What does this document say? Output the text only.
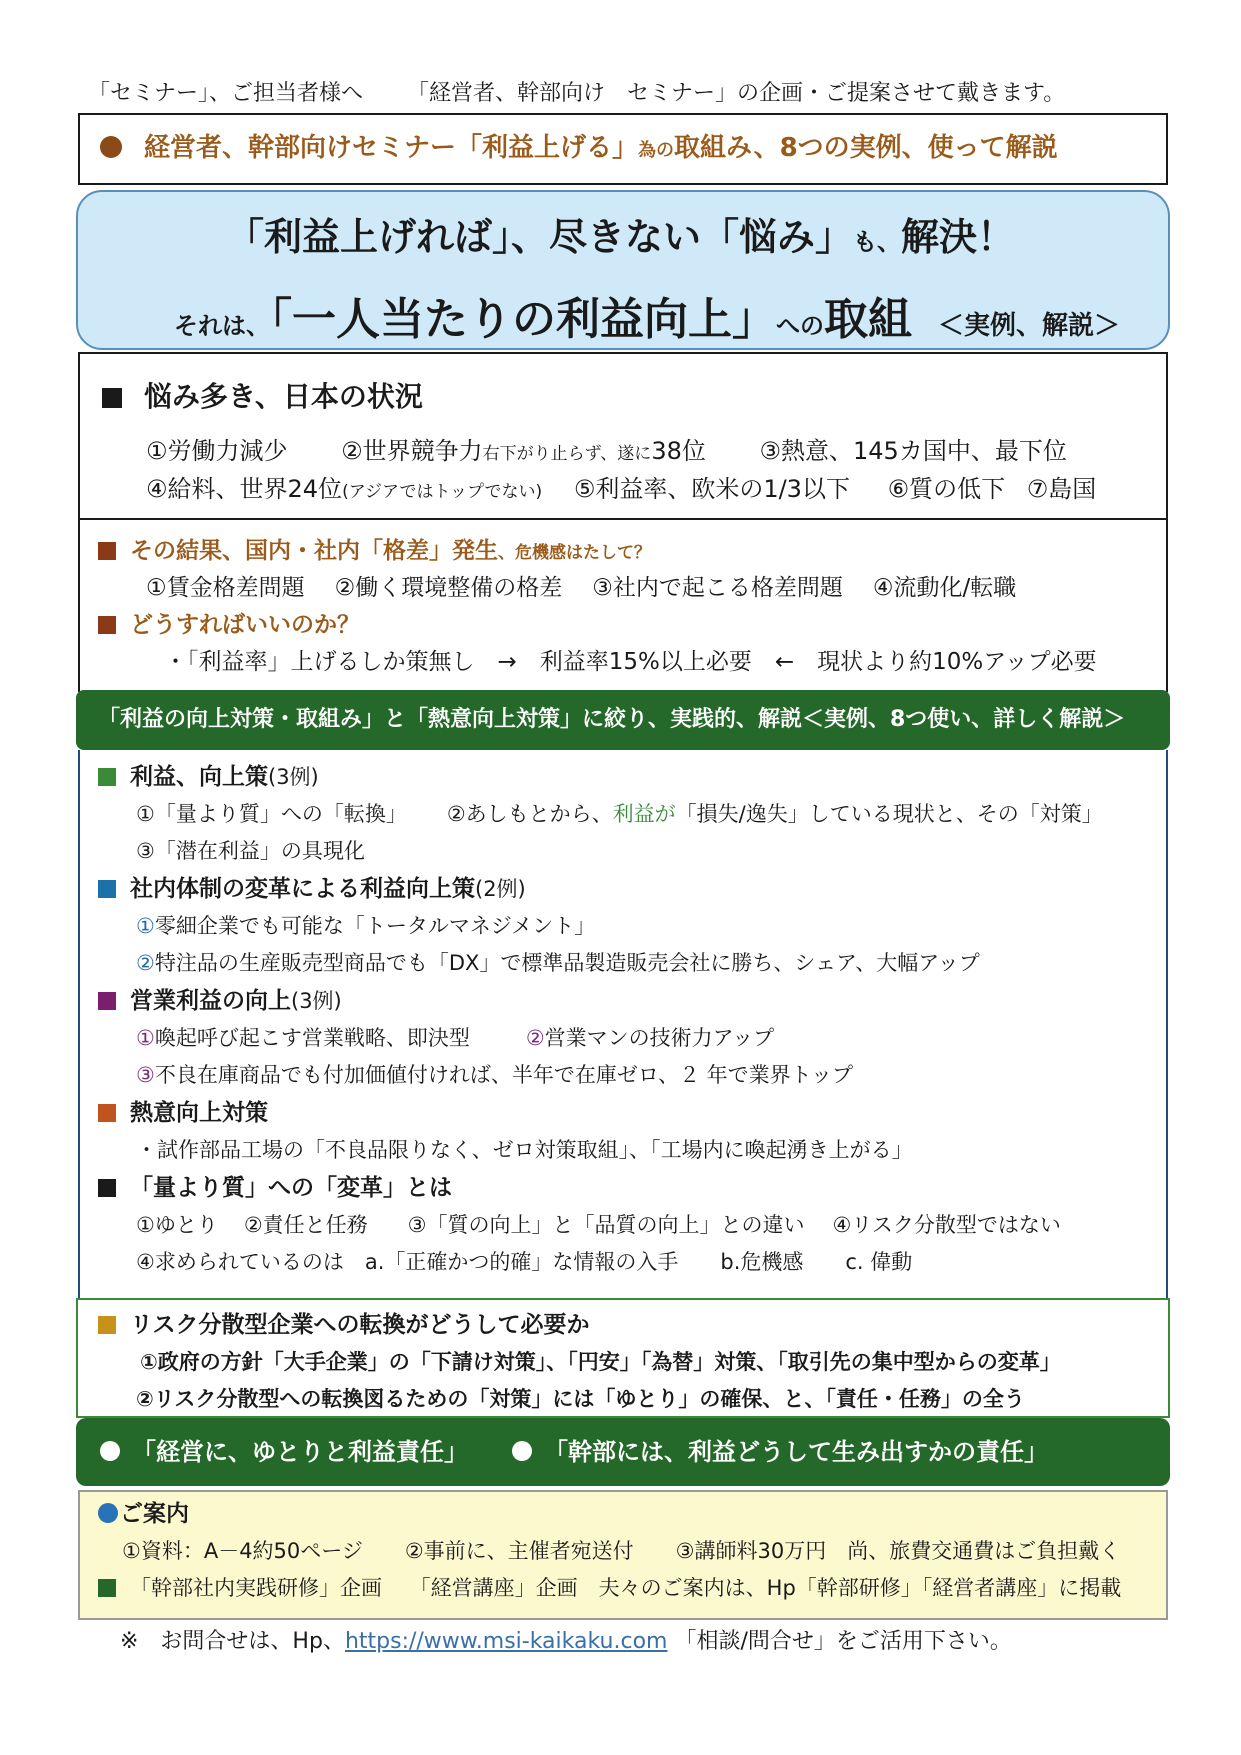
「セミナー」、ご担当者様へ 「経営者、幹部向け　セミナー」の企画・ご提案させて戴きます。
経営者、幹部向けセミナー「利益上げる」為の取組み、8つの実例、使って解説
「利益上げれば」、尽きない「悩み」も、解決！
それは、「一人当たりの利益向上」への取組 ＜実例、解説＞
悩み多き、日本の状況
①労働力減少 ②世界競争力右下がり止らず、遂に38位 ③熱意、145カ国中、最下位
④給料、世界24位(アジアではトップでない) ⑤利益率、欧米の1/3以下 ⑥質の低下 ⑦島国
その結果、国内・社内「格差」発生、危機感はたして？
①賃金格差問題 ②働く環境整備の格差 ③社内で起こる格差問題 ④流動化/転職
どうすればいいのか？
・「利益率」上げるしか策無し　→　利益率15%以上必要　←　現状より約10%アップ必要
「利益の向上対策・取組み」と「熱意向上対策」に絞り、実践的、解説＜実例、8つ使い、詳しく解説＞
利益、向上策(3例)
①「量より質」への「転換」 ②あしもとから、利益が「損失/逸失」している現状と、その「対策」
③「潜在利益」の具現化
社内体制の変革による利益向上策(2例)
①零細企業でも可能な「トータルマネジメント」
②特注品の生産販売型商品でも「DX」で標準品製造販売会社に勝ち、シェア、大幅アップ
営業利益の向上(3例)
①喚起呼び起こす営業戦略、即決型	②営業マンの技術力アップ
③不良在庫商品でも付加価値付ければ、半年で在庫ゼロ、２ 年で業界トップ
熱意向上対策
・試作部品工場の「不良品限りなく、ゼロ対策取組」、「工場内に喚起湧き上がる」
「量より質」への「変革」とは
①ゆとり ②責任と任務 ③「質の向上」と「品質の向上」との違い ④リスク分散型ではない
④求められているのは　a.「正確かつ的確」な情報の入手　　b.危機感　　c. 偉動
リスク分散型企業への転換がどうして必要か
①政府の方針「大手企業」の「下請け対策」、「円安」「為替」対策、「取引先の集中型からの変革」
②リスク分散型への転換図るための「対策」には「ゆとり」の確保、と、「責任・任務」の全う
「経営に、ゆとりと利益責任」	「幹部には、利益どうして生み出すかの責任」
ご案内
①資料：A－4約50ページ　　②事前に、主催者宛送付　　③講師料30万円　尚、旅費交通費はご負担戴く
「幹部社内実践研修」企画　 「経営講座」企画　夫々のご案内は、Hp「幹部研修」「経営者講座」に掲載
※　お問合せは、Hp、https://www.msi-kaikaku.com 「相談/問合せ」をご活用下さい。
